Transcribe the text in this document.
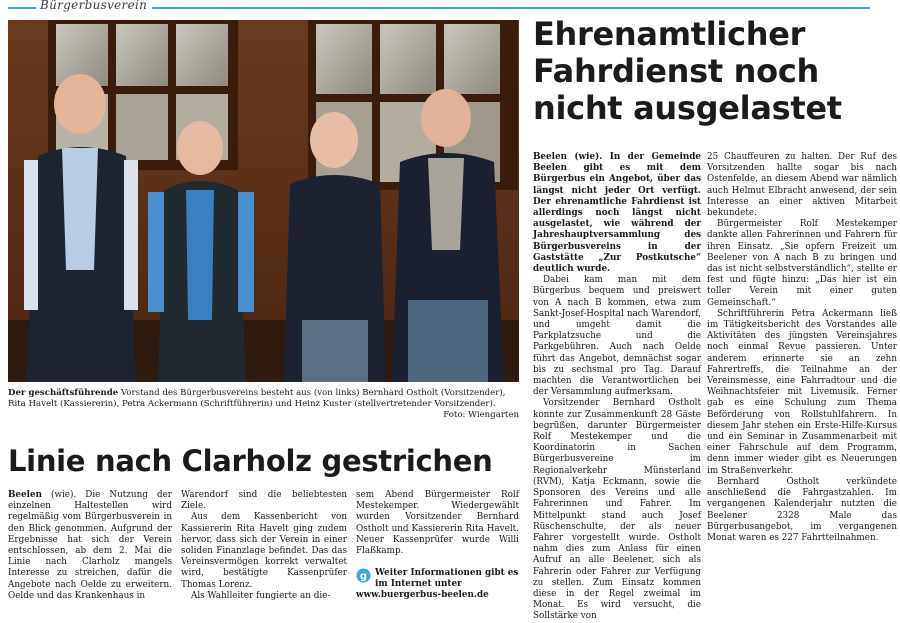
Bürgerbusverein
Der geschäftsführende Vorstand des Bürgerbusvereins besteht aus (von links) Bernhard Ostholt (Vorsitzender), Rita Havelt (Kassiererin), Petra Ackermann (Schriftführerin) und Heinz Kuster (stellvertretender Vorsitzender).
Foto: Wiengarten
Ehrenamtlicher Fahrdienst noch nicht ausgelastet

Beelen (wie). In der Gemeinde Beelen gibt es mit dem Bürgerbus ein Angebot, über das längst nicht jeder Ort verfügt. Der ehrenamtliche Fahrdienst ist allerdings noch längst nicht ausgelastet, wie während der Jahreshauptversammlung des Bürgerbusvereins in der Gaststätte „Zur Postkutsche“ deutlich wurde.

Dabei kam man mit dem Bürgerbus bequem und preiswert von A nach B kommen, etwa zum Sankt-Josef-Hospital nach Warendorf, und umgeht damit die Parkplatzsuche und die Parkgebühren. Auch nach Oelde führt das Angebot, demnächst sogar bis zu sechsmal pro Tag. Darauf machten die Verantwortlichen bei der Versammlung aufmerksam.

Vorsitzender Bernhard Ostholt konnte zur Zusammenkunft 28 Gäste begrüßen, darunter Bürgermeister Rolf Mestekemper und die Koordinatorin in Sachen Bürgerbusvereine im Regionalverkehr Münsterland (RVM), Katja Eckmann, sowie die Sponsoren des Vereins und alle Fahrerinnen und Fahrer. Im Mittelpunkt stand auch Josef Rüschenschulte, der als neuer Fahrer vorgestellt wurde. Ostholt nahm dies zum Anlass für einen Aufruf an alle Beelener, sich als Fahrerin oder Fahrer zur Verfügung zu stellen. Zum Einsatz kommen diese in der Regel zweimal im Monat. Es wird versucht, die Sollstärke von

25 Chauffeuren zu halten. Der Ruf des Vorsitzenden hallte sogar bis nach Ostenfelde, an diesem Abend war nämlich auch Helmut Elbracht anwesend, der sein Interesse an einer aktiven Mitarbeit bekundete.

Bürgermeister Rolf Mestekemper dankte allen Fahrerinnen und Fahrern für ihren Einsatz. „Sie opfern Freizeit um Beelener von A nach B zu bringen und das ist nicht selbstverständlich“, stellte er fest und fügte hinzu: „Das hier ist ein toller Verein mit einer guten Gemeinschaft.“

Schriftführerin Petra Ackermann ließ im Tätigkeitsbericht des Vorstandes alle Aktivitäten des jüngsten Vereinsjahres noch einmal Revue passieren. Unter anderem erinnerte sie an zehn Fahrertreffs, die Teilnahme an der Vereinsmesse, eine Fahrradtour und die Weihnachtsfeier mit Livemusik. Ferner gab es eine Schulung zum Thema Beförderung von Rollstuhlfahrern. In diesem Jahr stehen ein Erste-Hilfe-Kursus und ein Seminar in Zusammenarbeit mit einer Fahrschule auf dem Programm, denn immer wieder gibt es Neuerungen im Straßenverkehr.

Bernhard Ostholt verkündete anschließend die Fahrgastzahlen. Im vergangenen Kalenderjahr nutzten die Beelener 2328 Male das Bürgerbusangebot, im vergangenen Monat waren es 227 Fahrtteilnahmen.

Linie nach Clarholz gestrichen

Beelen (wie). Die Nutzung der einzelnen Haltestellen wird regelmäßig vom Bürgerbusverein in den Blick genommen. Aufgrund der Ergebnisse hat sich der Verein entschlossen, ab dem 2. Mai die Linie nach Clarholz mangels Interesse zu streichen, dafür die Angebote nach Oelde zu erweitern. Oelde und das Krankenhaus in

Warendorf sind die beliebtesten Ziele.

Aus dem Kassenbericht von Kassiererin Rita Havelt ging zudem hervor, dass sich der Verein in einer soliden Finanzlage befindet. Das das Vereinsvermögen korrekt verwaltet wird, bestätigte Kassenprüfer Thomas Lorenz.

Als Wahlleiter fungierte an die-

sem Abend Bürgermeister Rolf Mestekemper. Wiedergewählt wurden Vorsitzender Bernhard Ostholt und Kassiererin Rita Havelt. Neuer Kassenprüfer wurde Willi Flaßkamp.

g Weiter Informationen gibt es im Internet unter
www.buergerbus-beelen.de
